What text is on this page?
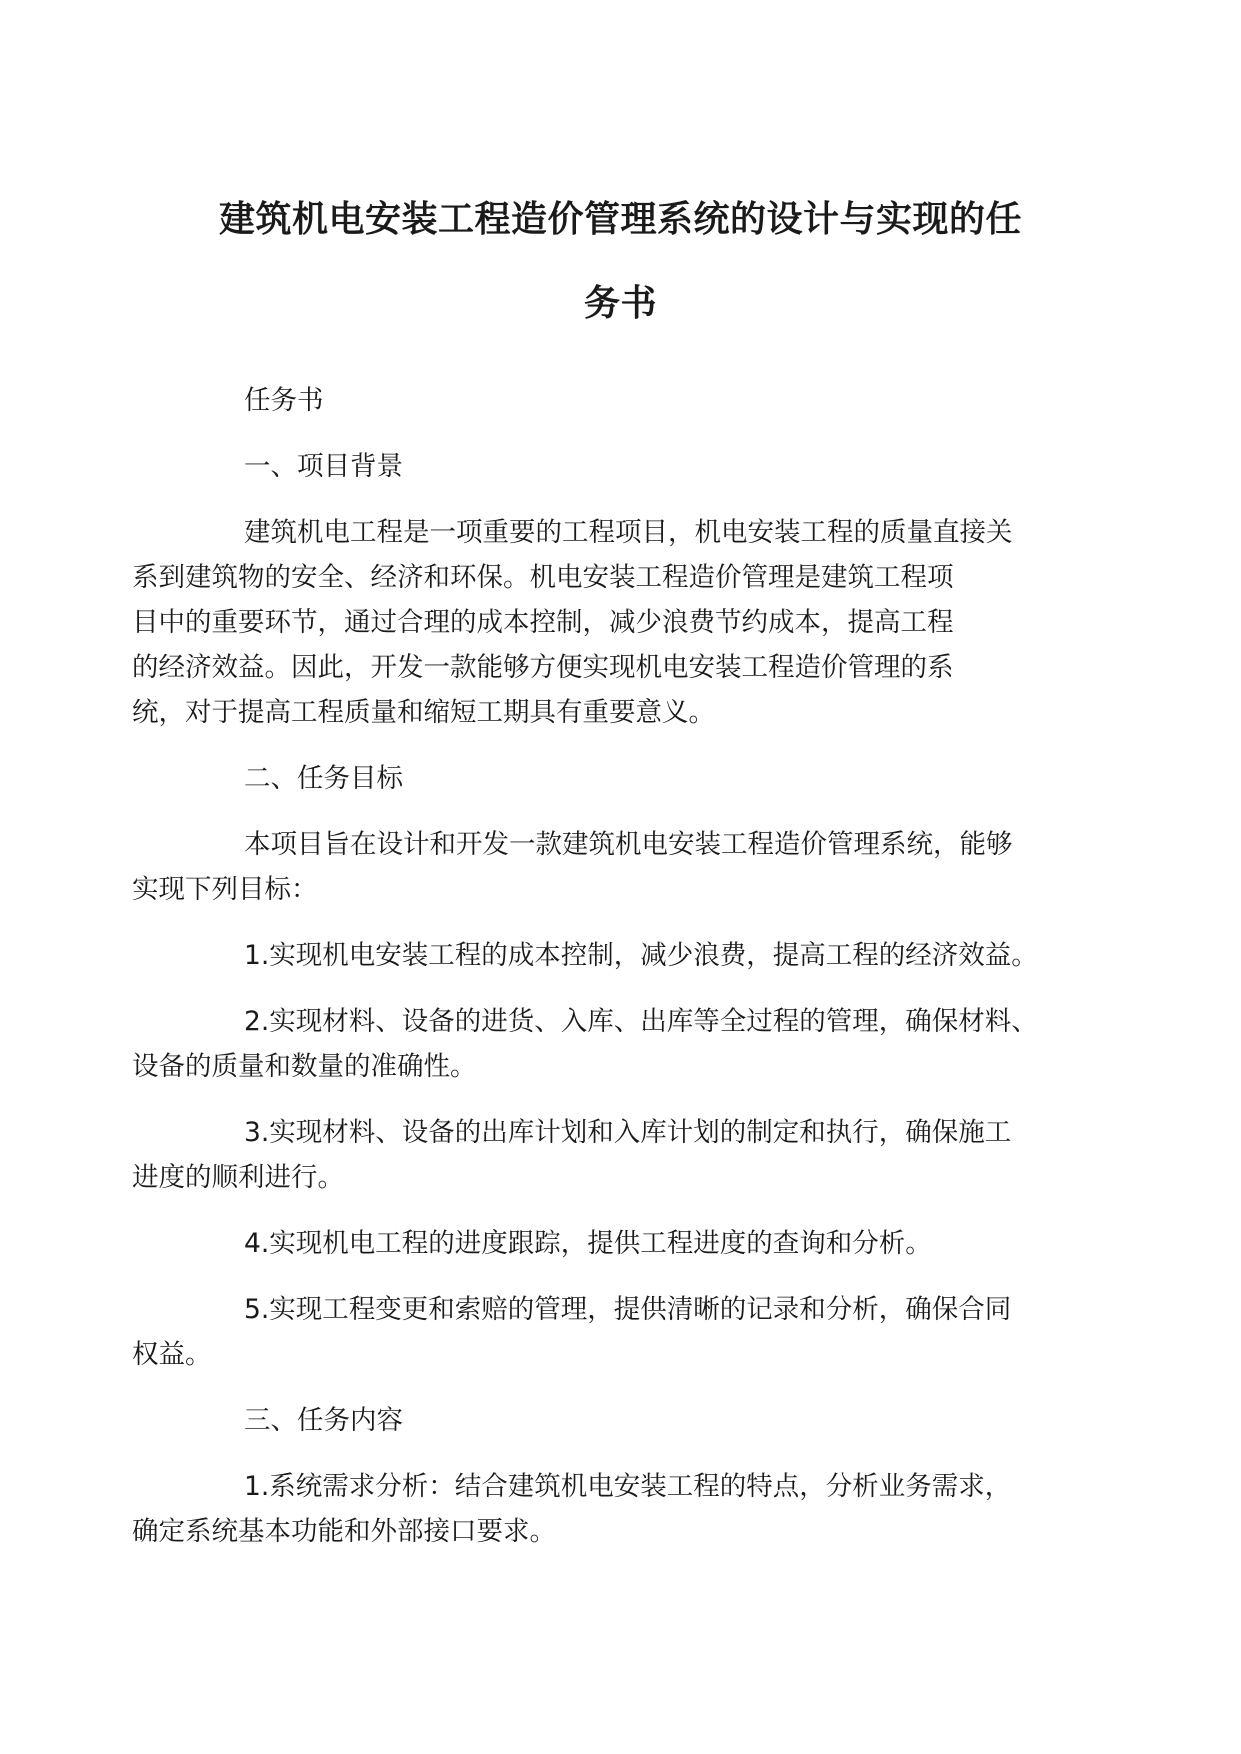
建筑机电安装工程造价管理系统的设计与实现的任
务书

任务书

一、项目背景

建筑机电工程是一项重要的工程项目，机电安装工程的质量直接关
系到建筑物的安全、经济和环保。机电安装工程造价管理是建筑工程项
目中的重要环节，通过合理的成本控制，减少浪费节约成本，提高工程
的经济效益。因此，开发一款能够方便实现机电安装工程造价管理的系
统，对于提高工程质量和缩短工期具有重要意义。

二、任务目标

本项目旨在设计和开发一款建筑机电安装工程造价管理系统，能够
实现下列目标：

1.实现机电安装工程的成本控制，减少浪费，提高工程的经济效益。

2.实现材料、设备的进货、入库、出库等全过程的管理，确保材料、
设备的质量和数量的准确性。

3.实现材料、设备的出库计划和入库计划的制定和执行，确保施工
进度的顺利进行。

4.实现机电工程的进度跟踪，提供工程进度的查询和分析。

5.实现工程变更和索赔的管理，提供清晰的记录和分析，确保合同
权益。

三、任务内容

1.系统需求分析：结合建筑机电安装工程的特点，分析业务需求，
确定系统基本功能和外部接口要求。
